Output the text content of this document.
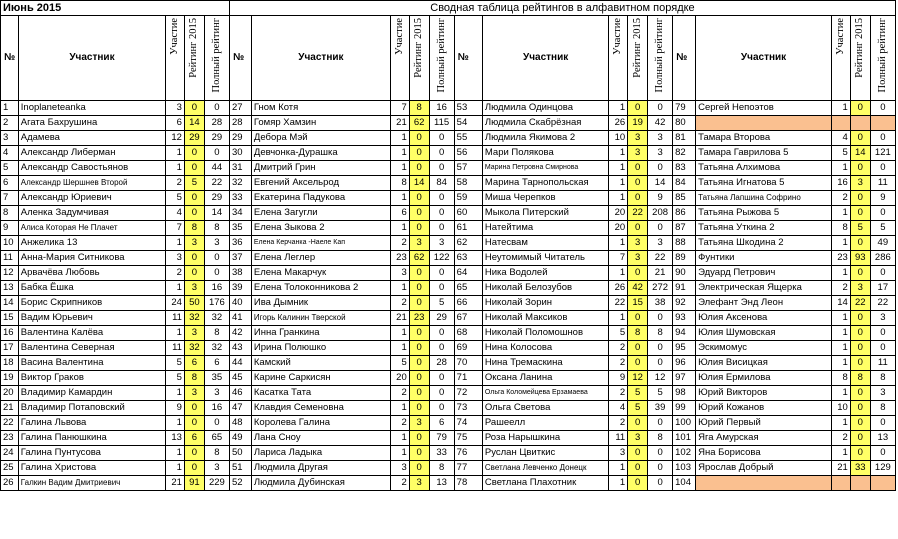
Июнь 2015					Сводная таблица рейтингов в алфавитном порядке														
№	Участник	Участие	Рейтинг 2015	Полный рейтинг	№	Участник	Участие	Рейтинг 2015	Полный рейтинг	№	Участник	Участие	Рейтинг 2015	Полный рейтинг	№	Участник	Участие	Рейтинг 2015	Полный рейтинг
1	Inoplaneteanka	3	0	0	27	Гном Котя	7	8	16	53	Людмила Одинцова	1	0	0	79	Сергей Непоэтов	1	0	0
2	Агата Бахрушина	6	14	28	28	Гомяр Хамзин	21	62	115	54	Людмила Скабрёзная	26	19	42	80				
3	Адамева	12	29	29	29	Дебора Мэй	1	0	0	55	Людмила Якимова 2	10	3	3	81	Тамара Второва	4	0	0
4	Александр Либерман	1	0	0	30	Девчонка-Дурашка	1	0	0	56	Мари Полякова	1	3	3	82	Тамара Гаврилова 5	5	14	121
5	Александр Савостьянов	1	0	44	31	Дмитрий Грин	1	0	0	57	Марина Петровна Смирнова	1	0	0	83	Татьяна Алхимова	1	0	0
6	Александр Шершнев Второй	2	5	22	32	Евгений Аксельрод	8	14	84	58	Марина Тарнопольская	1	0	14	84	Татьяна Игнатова 5	16	3	11
7	Александр Юриевич	5	0	29	33	Екатерина Падукова	1	0	0	59	Миша Черепков	1	0	9	85	Татьяна Лапшина Софрино	2	0	9
8	Аленка Задумчивая	4	0	14	34	Елена Загугли	6	0	0	60	Мыкола Питерский	20	22	208	86	Татьяна Рыжова 5	1	0	0
9	Алиса Которая Не Плачет	7	8	8	35	Елена Зыкова 2	1	0	0	61	Натейтима	20	0	0	87	Татьяна Уткина 2	8	5	5
10	Анжелика 13	1	3	3	36	Елена Керчанка -Наеле Кап	2	3	3	62	Натесвам	1	3	3	88	Татьяна Шкодина 2	1	0	49
11	Анна-Мария Ситникова	3	0	0	37	Елена Леглер	23	62	122	63	Неутомимый Читатель	7	3	22	89	Фунтики	23	93	286
12	Арвачёва Любовь	2	0	0	38	Елена Макарчук	3	0	0	64	Ника Водолей	1	0	21	90	Эдуард Петрович	1	0	0
13	Бабка Ёшка	1	3	16	39	Елена Толоконникова 2	1	0	0	65	Николай Белозубов	26	42	272	91	Электрическая Ящерка	2	3	17
14	Борис Скрипников	24	50	176	40	Ива Дымник	2	0	5	66	Николай Зорин	22	15	38	92	Элефант Энд Леон	14	22	22
15	Вадим Юрьевич	11	32	32	41	Игорь Калинин Тверской	21	23	29	67	Николай Максиков	1	0	0	93	Юлия Аксенова	1	0	3
16	Валентина Калёва	1	3	8	42	Инна Гранкина	1	0	0	68	Николай Поломошнов	5	8	8	94	Юлия Шумовская	1	0	0
17	Валентина Северная	11	32	32	43	Ирина Полюшко	1	0	0	69	Нина Колосова	2	0	0	95	Эскимомус	1	0	0
18	Васина Валентина	5	6	6	44	Камский	5	0	28	70	Нина Тремаскина	2	0	0	96	Юлия Висицкая	1	0	11
19	Виктор Граков	5	8	35	45	Карине Саркисян	20	0	0	71	Оксана Ланина	9	12	12	97	Юлия Ермилова	8	8	8
20	Владимир Камардин	1	3	3	46	Касатка Тата	2	0	0	72	Ольга Коломейцева Ерзамаева	2	5	5	98	Юрий Викторов	1	0	3
21	Владимир Потаповский	9	0	16	47	Клавдия Семеновна	1	0	0	73	Ольга Светова	4	5	39	99	Юрий Кожанов	10	0	8
22	Галина Львова	1	0	0	48	Королева Галина	2	3	6	74	Рашеелл	2	0	0	100	Юрий Первый	1	0	0
23	Галина Панюшкина	13	6	65	49	Лана Сноу	1	0	79	75	Роза Нарышкина	11	3	8	101	Яга Амурская	2	0	13
24	Галина Пунтусова	1	0	8	50	Лариса Ладыка	1	0	33	76	Руслан Цвиткис	3	0	0	102	Яна Борисова	1	0	0
25	Галина Христова	1	0	3	51	Людмила Другая	3	0	8	77	Светлана Левченко Донецк	1	0	0	103	Ярослав Добрый	21	33	129
26	Галкин Вадим Дмитриевич	21	91	229	52	Людмила Дубинская	2	3	13	78	Светлана Плахотник	1	0	0	104				
